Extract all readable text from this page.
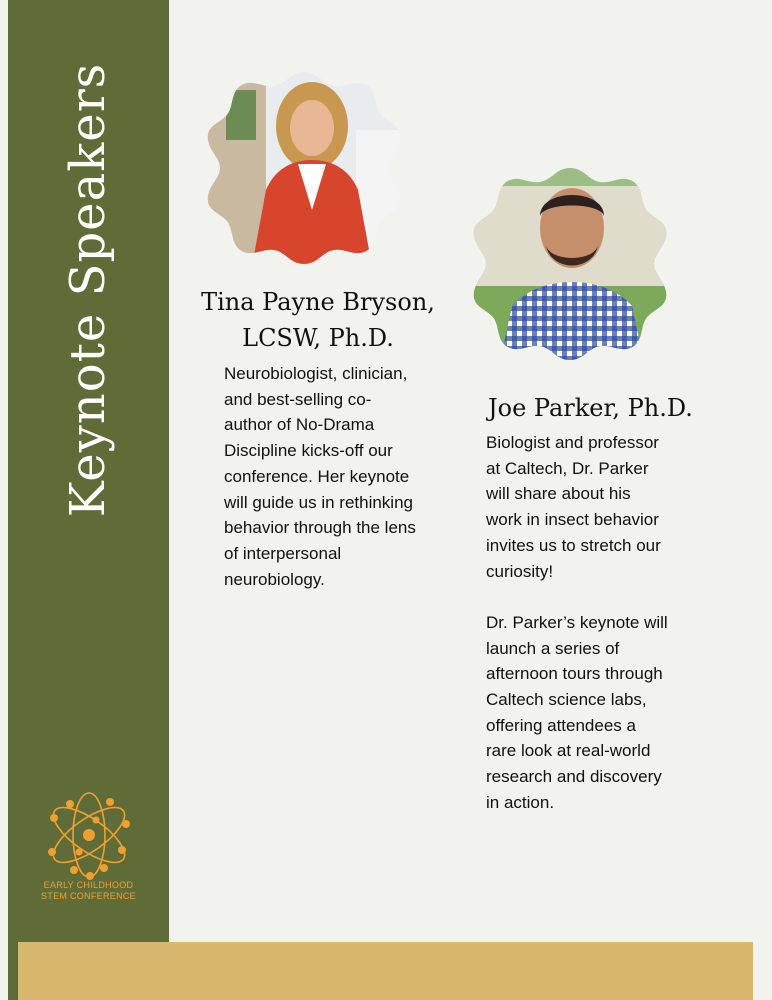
Keynote Speakers
EARLY CHILDHOOD
STEM CONFERENCE
Tina Payne Bryson,
LCSW, Ph.D.
Neurobiologist, clinician,
and best-selling co-
author of No-Drama
Discipline kicks-off our
conference. Her keynote
will guide us in rethinking
behavior through the lens
of interpersonal
neurobiology.
Joe Parker, Ph.D.
Biologist and professor
at Caltech, Dr. Parker
will share about his
work in insect behavior
invites us to stretch our
curiosity!
Dr. Parker’s keynote will
launch a series of
afternoon tours through
Caltech science labs,
offering attendees a
rare look at real-world
research and discovery
in action.
